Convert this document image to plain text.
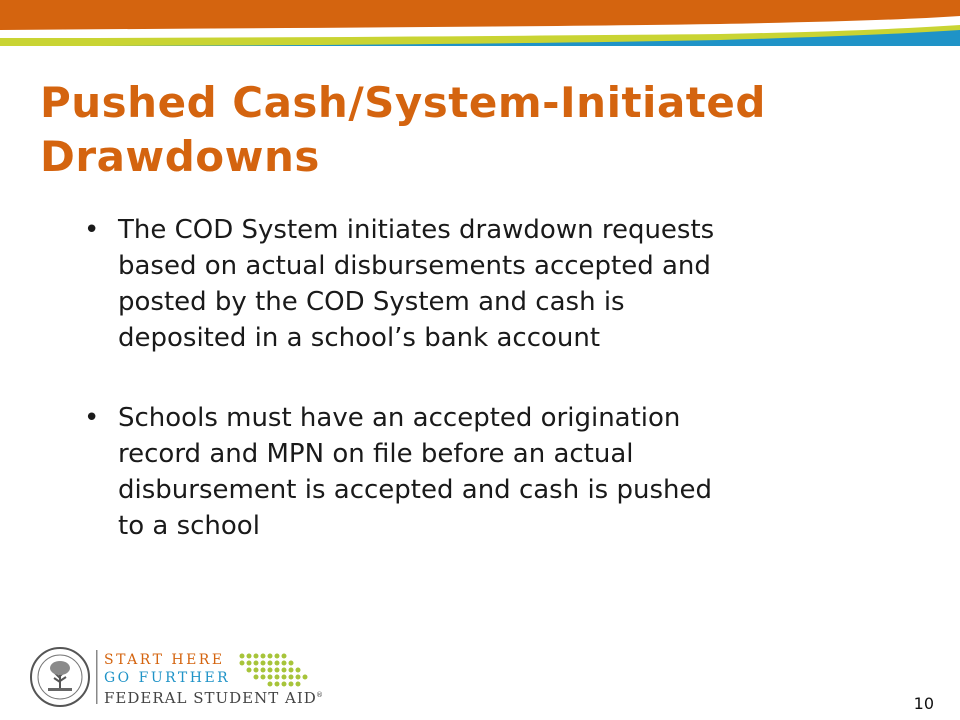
Pushed Cash/System-Initiated
Drawdowns
• The COD System initiates drawdown requests
based on actual disbursements accepted and
posted by the COD System and cash is
deposited in a school’s bank account
• Schools must have an accepted origination
record and MPN on file before an actual
disbursement is accepted and cash is pushed
to a school
START HERE
GO FURTHER
FEDERAL STUDENT AID ®	10
